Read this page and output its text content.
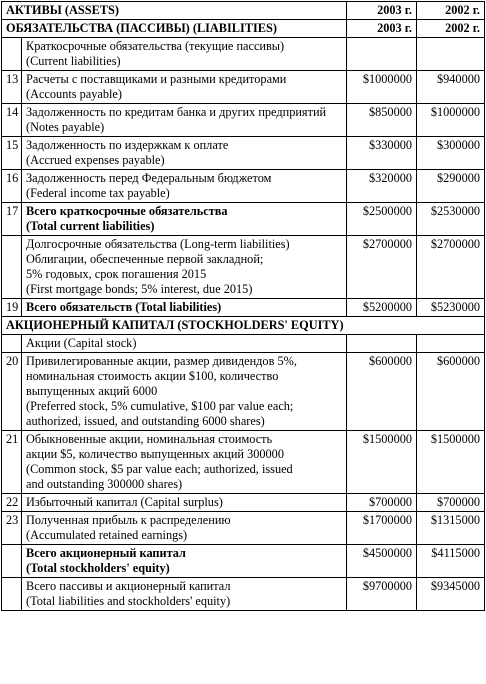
АКТИВЫ (ASSETS)		2003 г.	2002 г.
ОБЯЗАТЕЛЬСТВА (ПАССИВЫ) (LIABILITIES)		2003 г.	2002 г.

	Краткосрочные обязательства (текущие пассивы)
(Current liabilities)		

13	Расчеты с поставщиками и разными кредиторами
(Accounts payable)	$1000000	$940000
14	Задолженность по кредитам банка и других предприятий
(Notes payable)	$850000	$1000000
15	Задолженность по издержкам к оплате
(Accrued expenses payable)	$330000	$300000
16	Задолженность перед Федеральным бюджетом
(Federal income tax payable)	$320000	$290000
17	Всего краткосрочные обязательства
(Total current liabilities)	$2500000	$2530000

	Долгосрочные обязательства (Long-term liabilities)
Облигации, обеспеченные первой закладной;
5% годовых, срок погашения 2015
(First mortgage bonds; 5% interest, due 2015)	$2700000	$2700000
19	Всего обязательств (Total liabilities)	$5200000	$5230000
АКЦИОНЕРНЫЙ КАПИТАЛ (STOCKHOLDERS' EQUITY)			

	Акции (Capital stock)		

20	Привилегированные акции, размер дивидендов 5%,
номинальная стоимость акции $100, количество
выпущенных акций 6000
(Preferred stock, 5% cumulative, $100 par value each;
authorized, issued, and outstanding 6000 shares)	$600000	$600000
21	Обыкновенные акции, номинальная стоимость
акции $5, количество выпущенных акций 300000
(Common stock, $5 par value each; authorized, issued
and outstanding 300000 shares)	$1500000	$1500000
22	Избыточный капитал (Capital surplus)	$700000	$700000
23	Полученная прибыль к распределению
(Accumulated retained earnings)	$1700000	$1315000

	Всего акционерный капитал
(Total stockholders' equity)	$4500000	$4115000

	Всего пассивы и акционерный капитал
(Total liabilities and stockholders' equity)	$9700000	$9345000
